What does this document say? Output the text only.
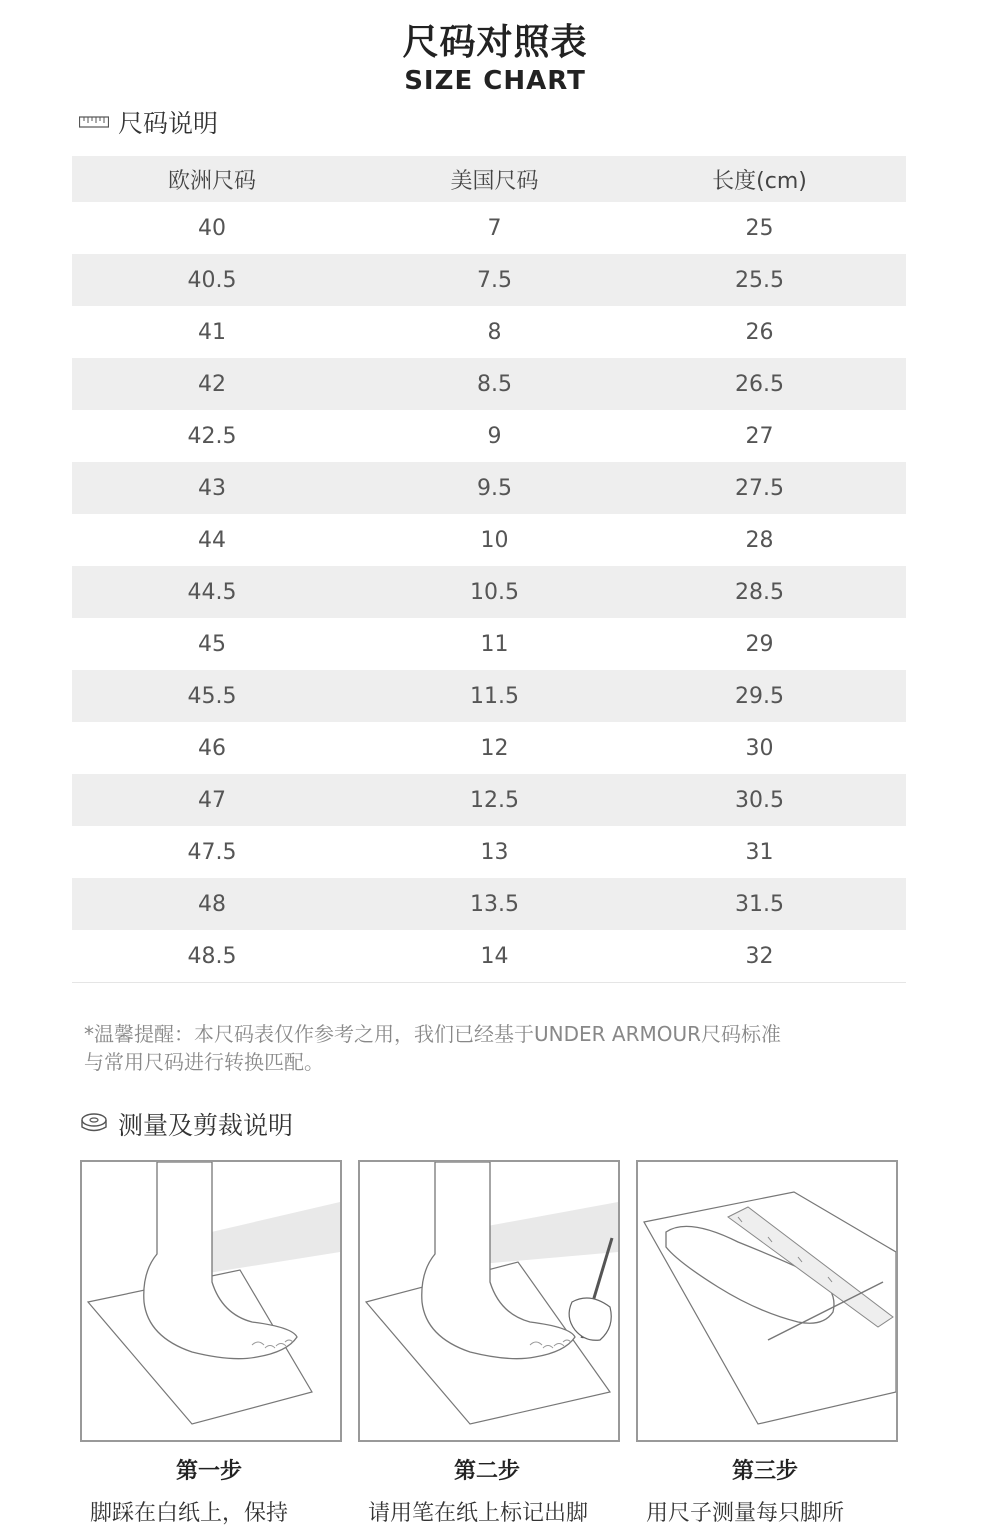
尺码对照表
SIZE CHART
尺码说明
欧洲尺码	美国尺码	长度(cm)
40	7	25
40.5	7.5	25.5
41	8	26
42	8.5	26.5
42.5	9	27
43	9.5	27.5
44	10	28
44.5	10.5	28.5
45	11	29
45.5	11.5	29.5
46	12	30
47	12.5	30.5
47.5	13	31
48	13.5	31.5
48.5	14	32
*温馨提醒：本尺码表仅作参考之用，我们已经基于UNDER ARMOUR尺码标准
与常用尺码进行转换匹配。
测量及剪裁说明
第一步	第二步	第三步
脚踩在白纸上，保持	请用笔在纸上标记出脚	用尺子测量每只脚所
